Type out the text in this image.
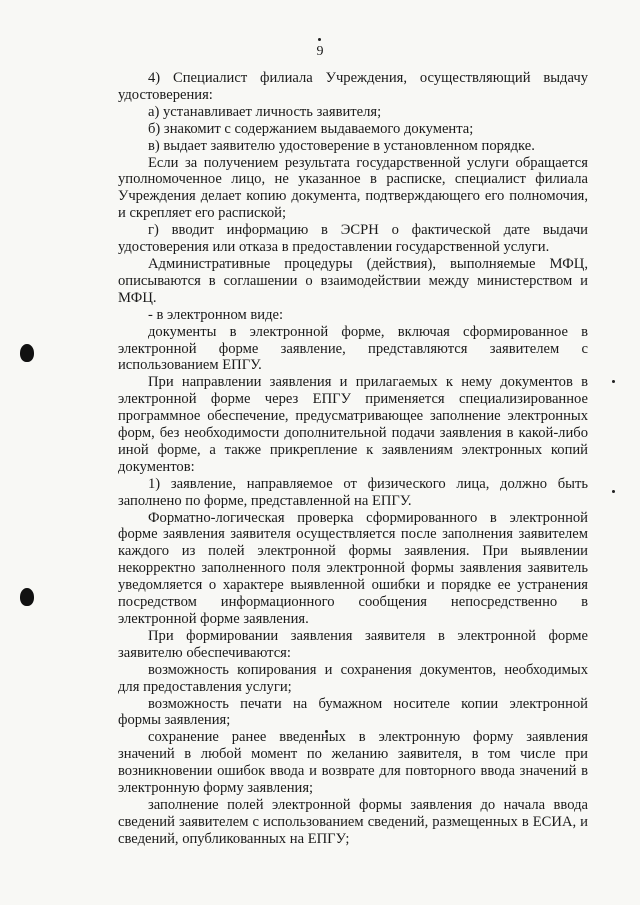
9

4) Специалист филиала Учреждения, осуществляющий выдачу удостоверения:

а) устанавливает личность заявителя;

б) знакомит с содержанием выдаваемого документа;

в) выдает заявителю удостоверение в установленном порядке.

Если за получением результата государственной услуги обращается уполномоченное лицо, не указанное в расписке, специалист филиала Учреждения делает копию документа, подтверждающего его полномочия, и скрепляет его распиской;

г) вводит информацию в ЭСРН о фактической дате выдачи удостоверения или отказа в предоставлении государственной услуги.

Административные процедуры (действия), выполняемые МФЦ, описываются в соглашении о взаимодействии между министерством и МФЦ.

- в электронном виде:

документы в электронной форме, включая сформированное в электронной форме заявление, представляются заявителем с использованием ЕПГУ.

При направлении заявления и прилагаемых к нему документов в электронной форме через ЕПГУ применяется специализированное программное обеспечение, предусматривающее заполнение электронных форм, без необходимости дополнительной подачи заявления в какой-либо иной форме, а также прикрепление к заявлениям электронных копий документов:

1) заявление, направляемое от физического лица, должно быть заполнено по форме, представленной на ЕПГУ.

Форматно-логическая проверка сформированного в электронной форме заявления заявителя осуществляется после заполнения заявителем каждого из полей электронной формы заявления. При выявлении некорректно заполненного поля электронной формы заявления заявитель уведомляется о характере выявленной ошибки и порядке ее устранения посредством информационного сообщения непосредственно в электронной форме заявления.

При формировании заявления заявителя в электронной форме заявителю обеспечиваются:

возможность копирования и сохранения документов, необходимых для предоставления услуги;

возможность печати на бумажном носителе копии электронной формы заявления;

сохранение ранее введенных в электронную форму заявления значений в любой момент по желанию заявителя, в том числе при возникновении ошибок ввода и возврате для повторного ввода значений в электронную форму заявления;

заполнение полей электронной формы заявления до начала ввода сведений заявителем с использованием сведений, размещенных в ЕСИА, и сведений, опубликованных на ЕПГУ;
